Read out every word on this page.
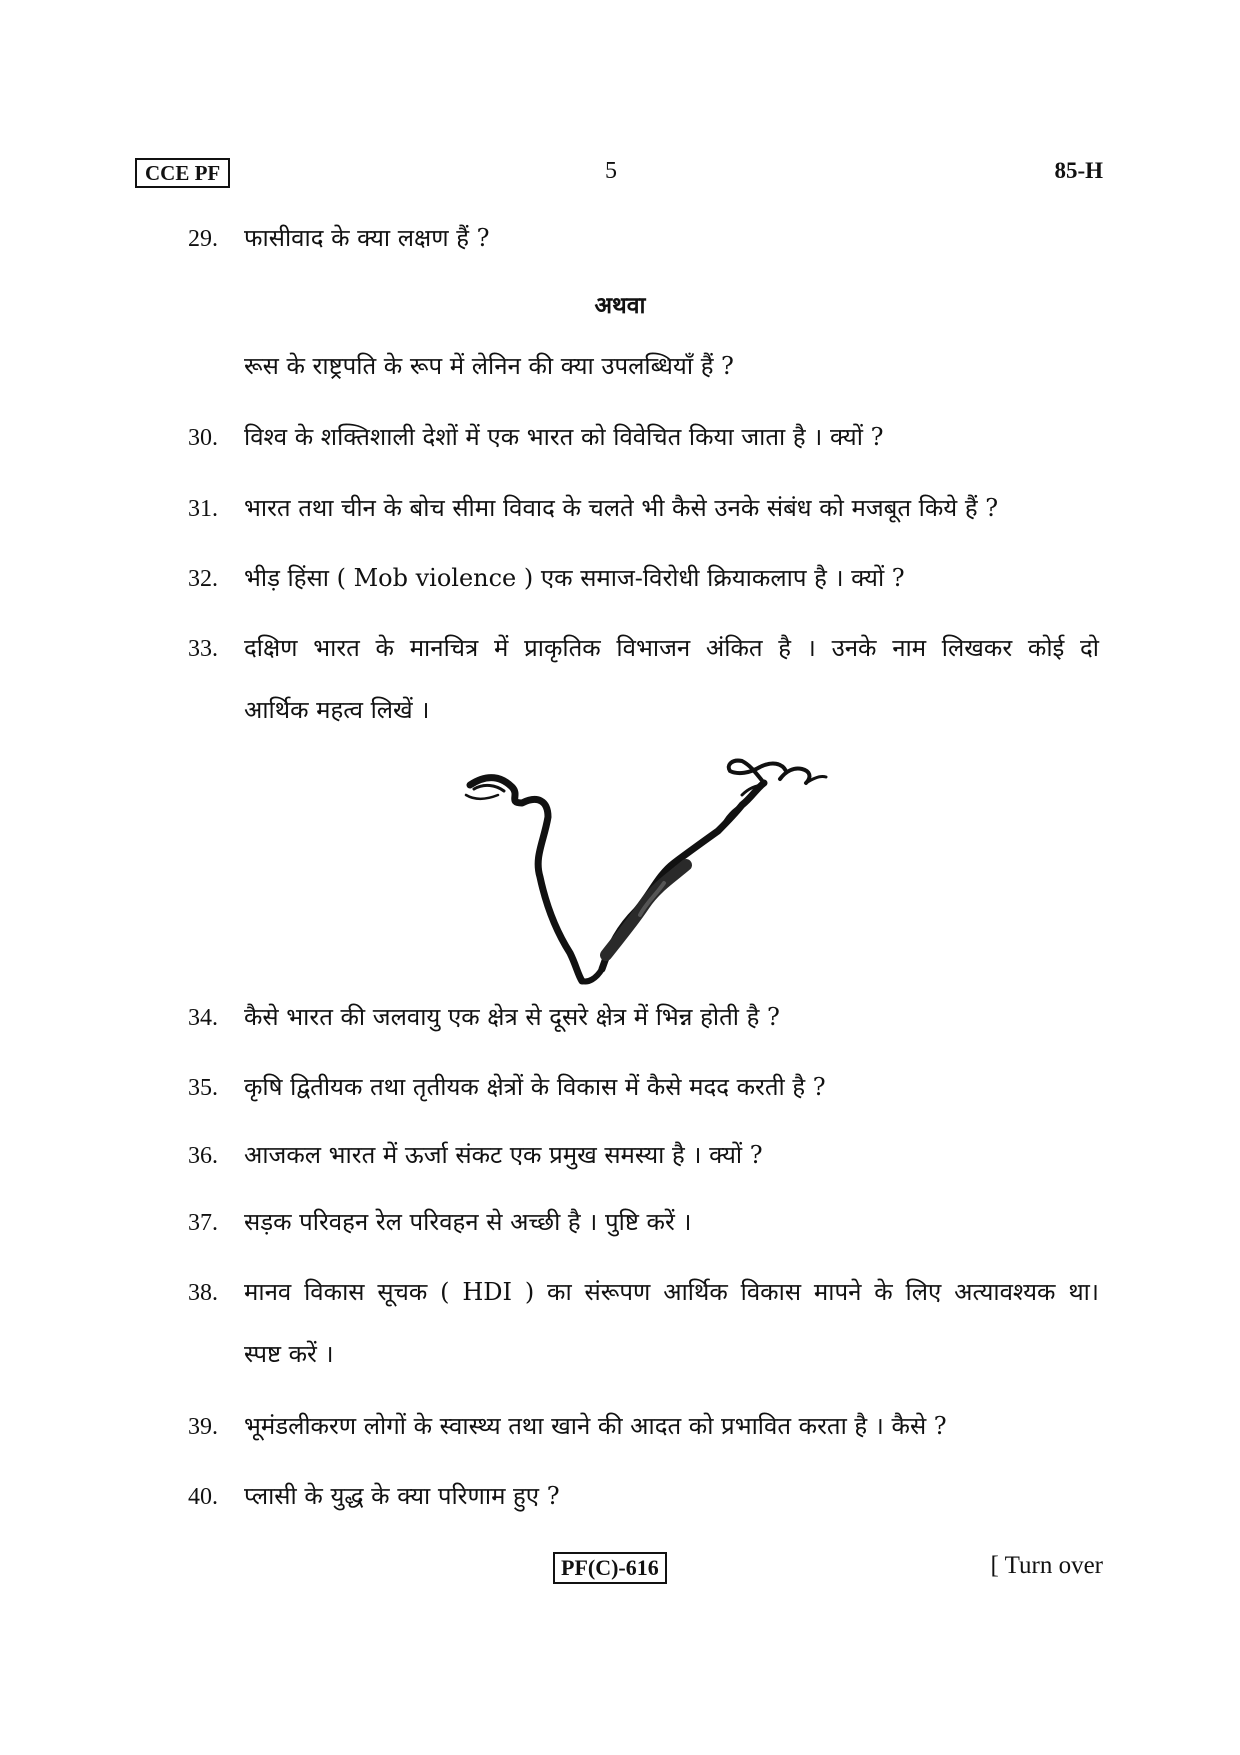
CCE PF	5	85-H
29. फासीवाद के क्या लक्षण हैं ?
अथवा
रूस के राष्ट्रपति के रूप में लेनिन की क्या उपलब्धियाँ हैं ?
30. विश्व के शक्तिशाली देशों में एक भारत को विवेचित किया जाता है । क्यों ?
31. भारत तथा चीन के बोच सीमा विवाद के चलते भी कैसे उनके संबंध को मजबूत किये हैं ?
32. भीड़ हिंसा ( Mob violence ) एक समाज-विरोधी क्रियाकलाप है । क्यों ?
33. दक्षिण भारत के मानचित्र में प्राकृतिक विभाजन अंकित है । उनके नाम लिखकर कोई दो
आर्थिक महत्व लिखें ।
34. कैसे भारत की जलवायु एक क्षेत्र से दूसरे क्षेत्र में भिन्न होती है ?
35. कृषि द्वितीयक तथा तृतीयक क्षेत्रों के विकास में कैसे मदद करती है ?
36. आजकल भारत में ऊर्जा संकट एक प्रमुख समस्या है । क्यों ?
37. सड़क परिवहन रेल परिवहन से अच्छी है । पुष्टि करें ।
38. मानव विकास सूचक ( HDI ) का संरूपण आर्थिक विकास मापने के लिए अत्यावश्यक था।
स्पष्ट करें ।
39. भूमंडलीकरण लोगों के स्वास्थ्य तथा खाने की आदत को प्रभावित करता है । कैसे ?
40. प्लासी के युद्ध के क्या परिणाम हुए ?
PF(C)-616	[ Turn over
